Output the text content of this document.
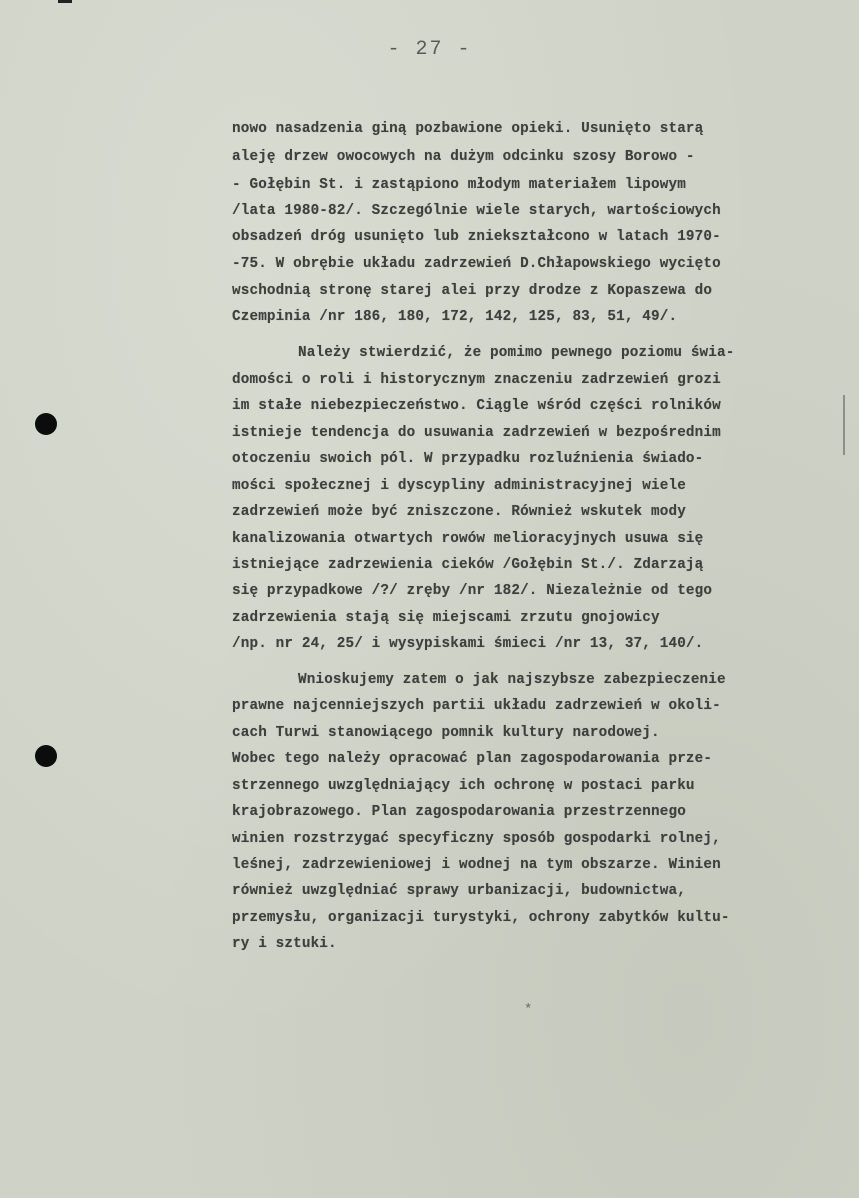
- 27 -
nowo nasadzenia giną pozbawione opieki. Usunięto starą
aleję drzew owocowych na dużym odcinku szosy Borowo -
- Gołębin St. i zastąpiono młodym materiałem lipowym
/lata 1980-82/. Szczególnie wiele starych, wartościowych
obsadzeń dróg usunięto lub zniekształcono w latach 1970-
-75. W obrębie układu zadrzewień D.Chłapowskiego wycięto
wschodnią stronę starej alei przy drodze z Kopaszewa do
Czempinia /nr 186, 180, 172, 142, 125, 83, 51, 49/.
Należy stwierdzić, że pomimo pewnego poziomu świa-
domości o roli i historycznym znaczeniu zadrzewień grozi
im stałe niebezpieczeństwo. Ciągle wśród części rolników
istnieje tendencja do usuwania zadrzewień w bezpośrednim
otoczeniu swoich pól. W przypadku rozluźnienia świado-
mości społecznej i dyscypliny administracyjnej wiele
zadrzewień może być zniszczone. Również wskutek mody
kanalizowania otwartych rowów melioracyjnych usuwa się
istniejące zadrzewienia cieków /Gołębin St./. Zdarzają
się przypadkowe /?/ zręby /nr 182/. Niezależnie od tego
zadrzewienia stają się miejscami zrzutu gnojowicy
/np. nr 24, 25/ i wysypiskami śmieci /nr 13, 37, 140/.
Wnioskujemy zatem o jak najszybsze zabezpieczenie
prawne najcenniejszych partii układu zadrzewień w okoli-
cach Turwi stanowiącego pomnik kultury narodowej.
Wobec tego należy opracować plan zagospodarowania prze-
strzennego uwzględniający ich ochronę w postaci parku
krajobrazowego. Plan zagospodarowania przestrzennego
winien rozstrzygać specyficzny sposób gospodarki rolnej,
leśnej, zadrzewieniowej i wodnej na tym obszarze. Winien
również uwzględniać sprawy urbanizacji, budownictwa,
przemysłu, organizacji turystyki, ochrony zabytków kultu-
ry i sztuki.
*
